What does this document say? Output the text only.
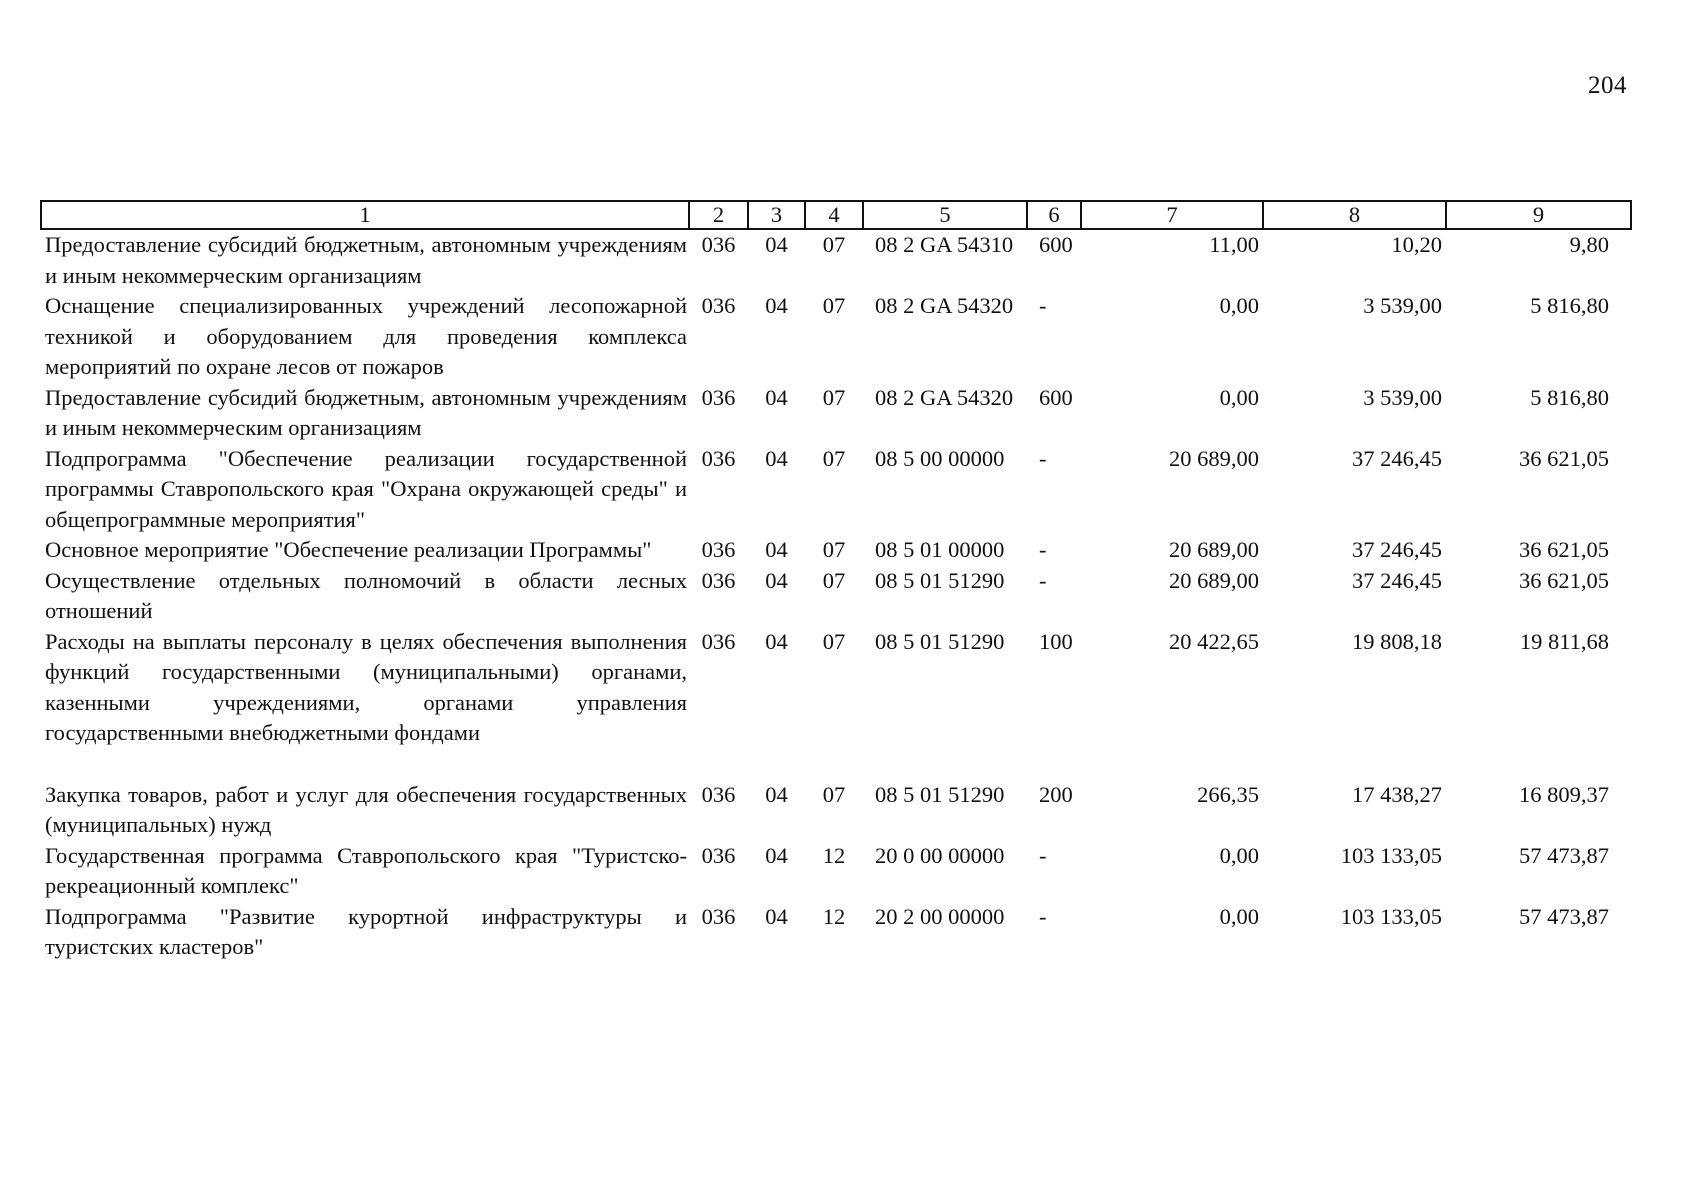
204
1	2	3	4	5	6	7	8	9
Предоставление субсидий бюджетным, автономным учреждениям и иным некоммерческим организациям	036	04	07	08 2 GA 54310	600	11,00	10,20	9,80
Оснащение специализированных учреждений лесопожарной техникой и оборудованием для проведения комплекса мероприятий по охране лесов от пожаров	036	04	07	08 2 GA 54320	-	0,00	3 539,00	5 816,80
Предоставление субсидий бюджетным, автономным учреждениям и иным некоммерческим организациям	036	04	07	08 2 GA 54320	600	0,00	3 539,00	5 816,80
Подпрограмма "Обеспечение реализации государственной программы Ставропольского края "Охрана окружающей среды" и общепрограммные мероприятия"	036	04	07	08 5 00 00000	-	20 689,00	37 246,45	36 621,05
Основное мероприятие "Обеспечение реализации Программы"	036	04	07	08 5 01 00000	-	20 689,00	37 246,45	36 621,05
Осуществление отдельных полномочий в области лесных отношений	036	04	07	08 5 01 51290	-	20 689,00	37 246,45	36 621,05
Расходы на выплаты персоналу в целях обеспечения выполнения функций государственными (муниципальными) органами, казенными учреждениями, органами управления государственными внебюджетными фондами	036	04	07	08 5 01 51290	100	20 422,65	19 808,18	19 811,68
Закупка товаров, работ и услуг для обеспечения государственных (муниципальных) нужд	036	04	07	08 5 01 51290	200	266,35	17 438,27	16 809,37
Государственная программа Ставропольского края "Туристско-рекреационный комплекс"	036	04	12	20 0 00 00000	-	0,00	103 133,05	57 473,87
Подпрограмма "Развитие курортной инфраструктуры и туристских кластеров"	036	04	12	20 2 00 00000	-	0,00	103 133,05	57 473,87
